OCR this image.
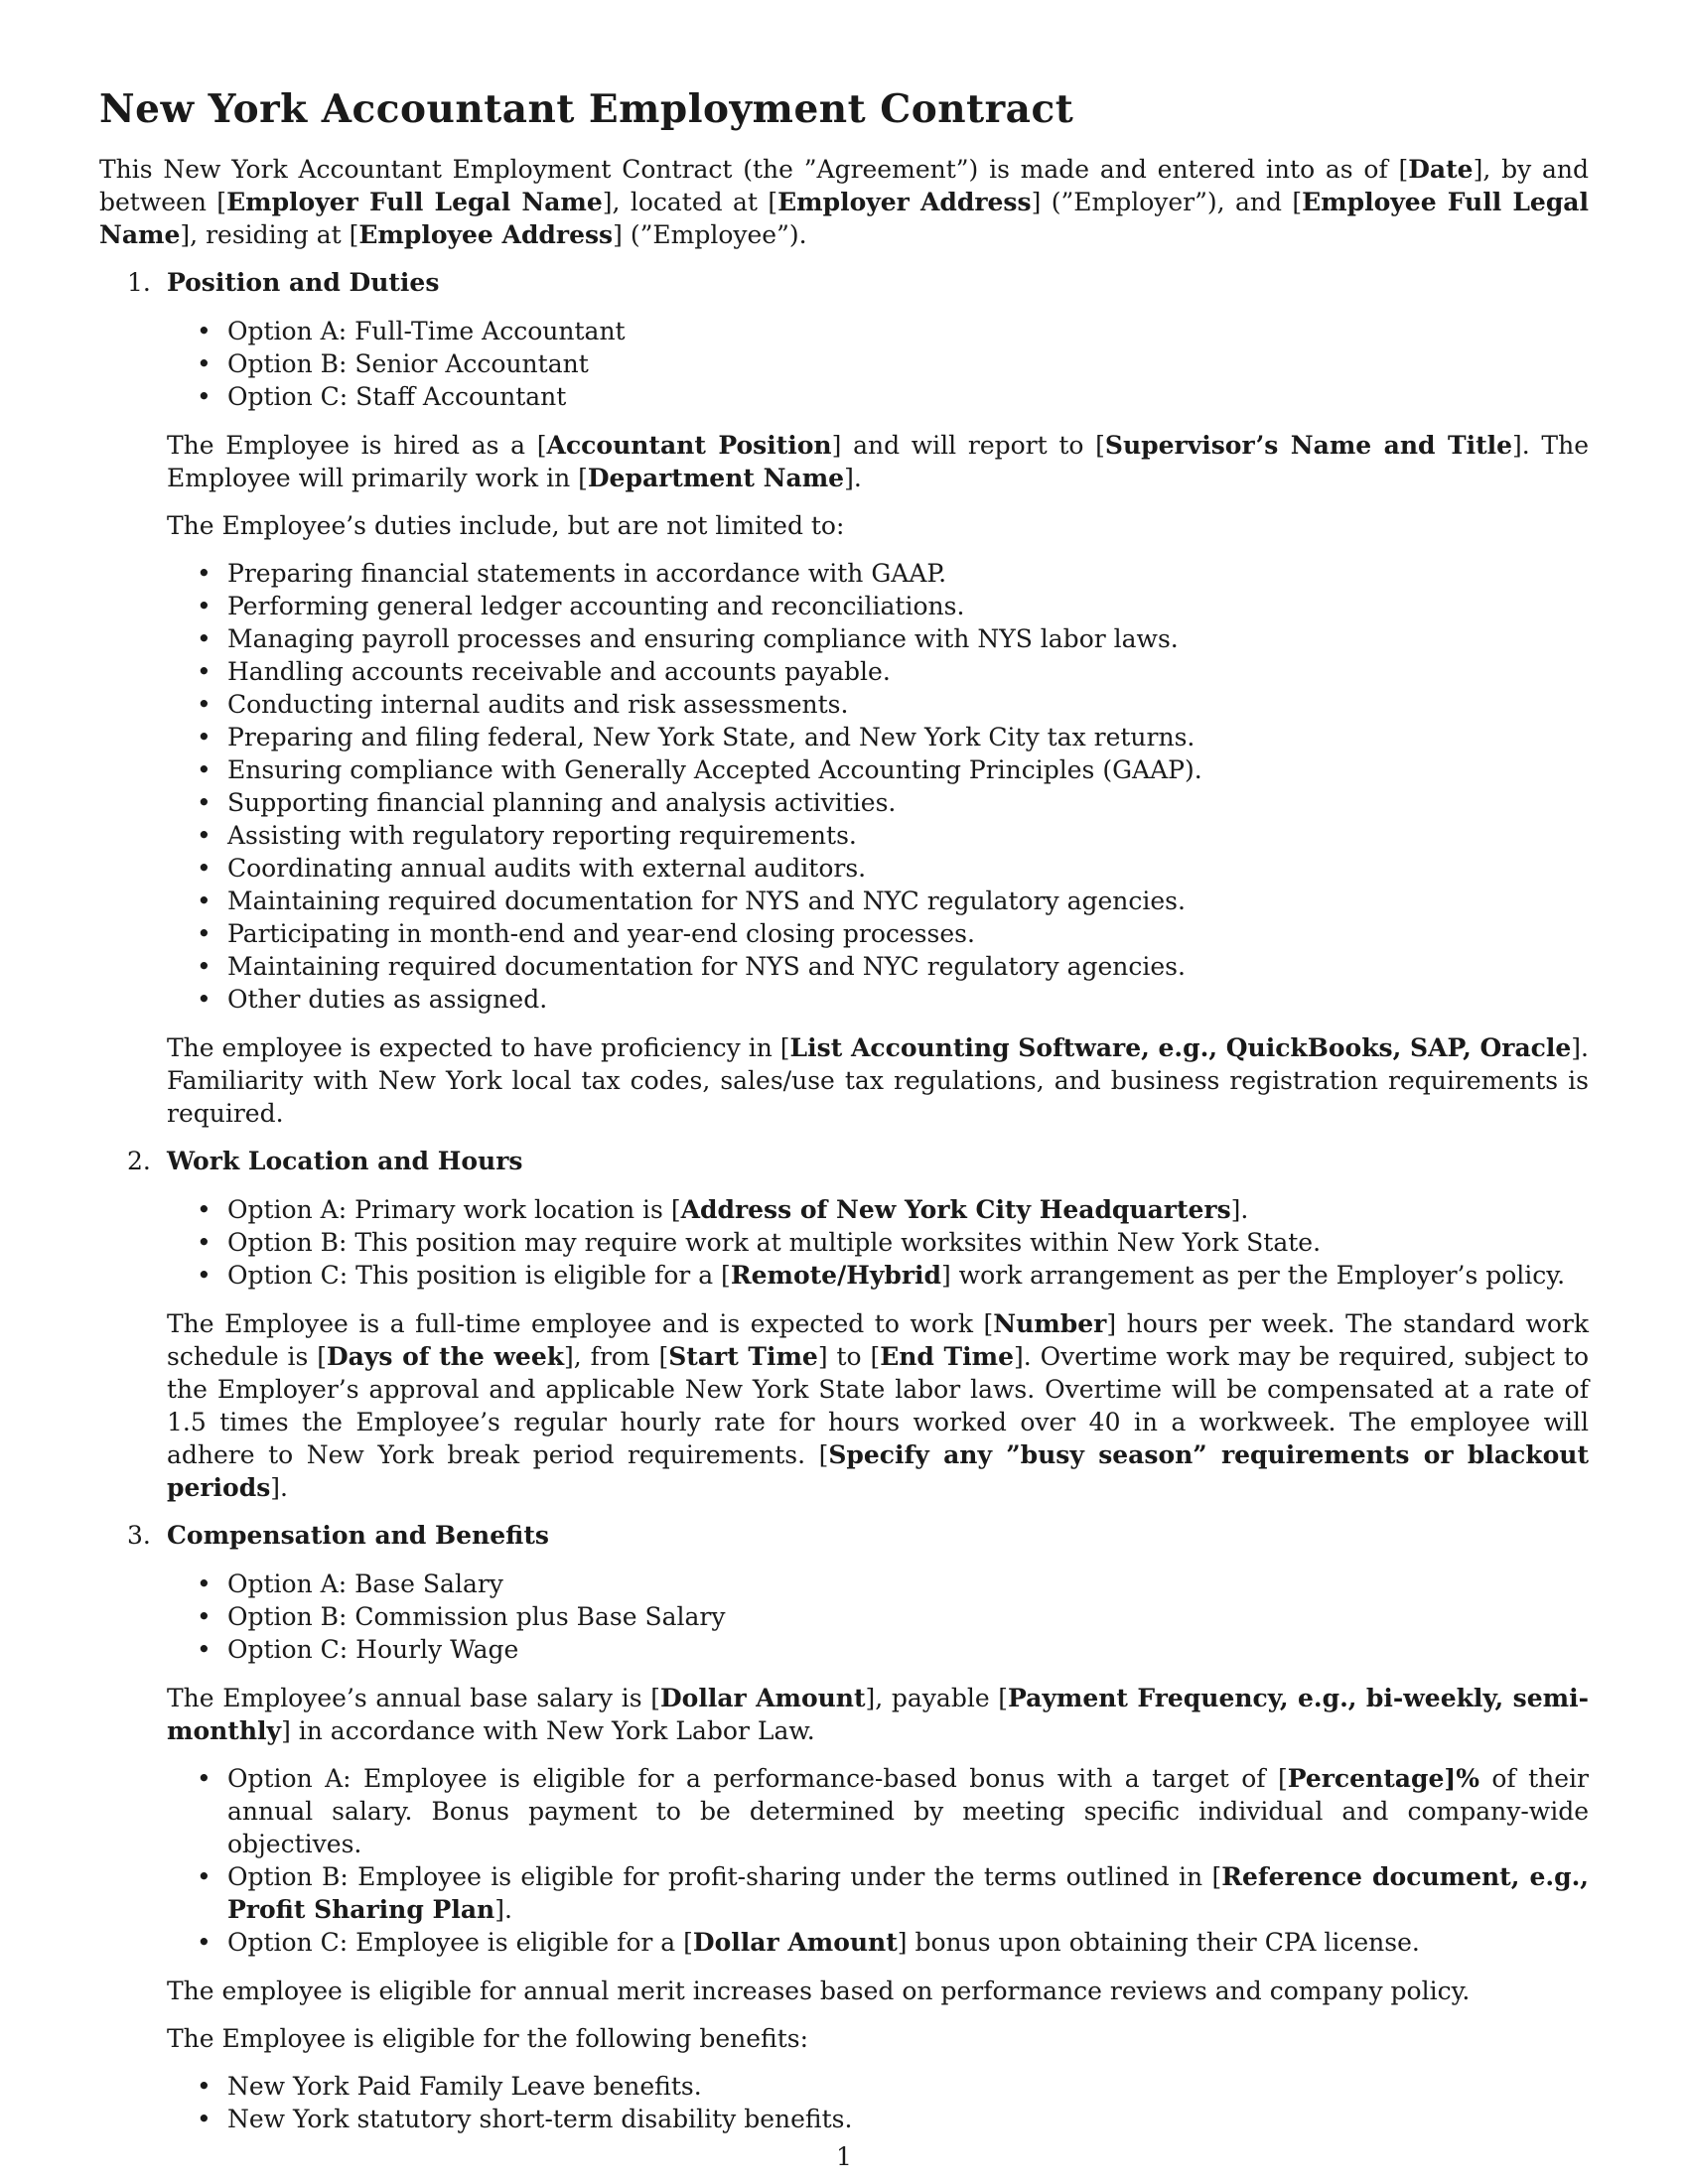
New York Accountant Employment Contract

This New York Accountant Employment Contract (the ”Agreement”) is made and entered into as of [Date], by and between [Employer Full Legal Name], located at [Employer Address] (”Employer”), and [Employee Full Legal Name], residing at [Employee Address] (”Employee”).

1. Position and Duties
• Option A: Full-Time Accountant
• Option B: Senior Accountant
• Option C: Staff Accountant

The Employee is hired as a [Accountant Position] and will report to [Supervisor’s Name and Title]. The Employee will primarily work in [Department Name].

The Employee’s duties include, but are not limited to:

• Preparing financial statements in accordance with GAAP.
• Performing general ledger accounting and reconciliations.
• Managing payroll processes and ensuring compliance with NYS labor laws.
• Handling accounts receivable and accounts payable.
• Conducting internal audits and risk assessments.
• Preparing and filing federal, New York State, and New York City tax returns.
• Ensuring compliance with Generally Accepted Accounting Principles (GAAP).
• Supporting financial planning and analysis activities.
• Assisting with regulatory reporting requirements.
• Coordinating annual audits with external auditors.
• Maintaining required documentation for NYS and NYC regulatory agencies.
• Participating in month-end and year-end closing processes.
• Maintaining required documentation for NYS and NYC regulatory agencies.
• Other duties as assigned.

The employee is expected to have proficiency in [List Accounting Software, e.g., QuickBooks, SAP, Oracle]. Familiarity with New York local tax codes, sales/use tax regulations, and business registration requirements is required.

2. Work Location and Hours
• Option A: Primary work location is [Address of New York City Headquarters].
• Option B: This position may require work at multiple worksites within New York State.
• Option C: This position is eligible for a [Remote/Hybrid] work arrangement as per the Employer’s policy.

The Employee is a full-time employee and is expected to work [Number] hours per week. The standard work schedule is [Days of the week], from [Start Time] to [End Time]. Overtime work may be required, subject to the Employer’s approval and applicable New York State labor laws. Overtime will be compensated at a rate of 1.5 times the Employee’s regular hourly rate for hours worked over 40 in a workweek. The employee will adhere to New York break period requirements. [Specify any ”busy season” requirements or blackout periods].

3. Compensation and Benefits
• Option A: Base Salary
• Option B: Commission plus Base Salary
• Option C: Hourly Wage

The Employee’s annual base salary is [Dollar Amount], payable [Payment Frequency, e.g., bi-weekly, semi-monthly] in accordance with New York Labor Law.

• Option A: Employee is eligible for a performance-based bonus with a target of [Percentage]% of their annual salary. Bonus payment to be determined by meeting specific individual and company-wide objectives.
• Option B: Employee is eligible for profit-sharing under the terms outlined in [Reference document, e.g., Profit Sharing Plan].
• Option C: Employee is eligible for a [Dollar Amount] bonus upon obtaining their CPA license.

The employee is eligible for annual merit increases based on performance reviews and company policy.

The Employee is eligible for the following benefits:

• New York Paid Family Leave benefits.
• New York statutory short-term disability benefits.
1
